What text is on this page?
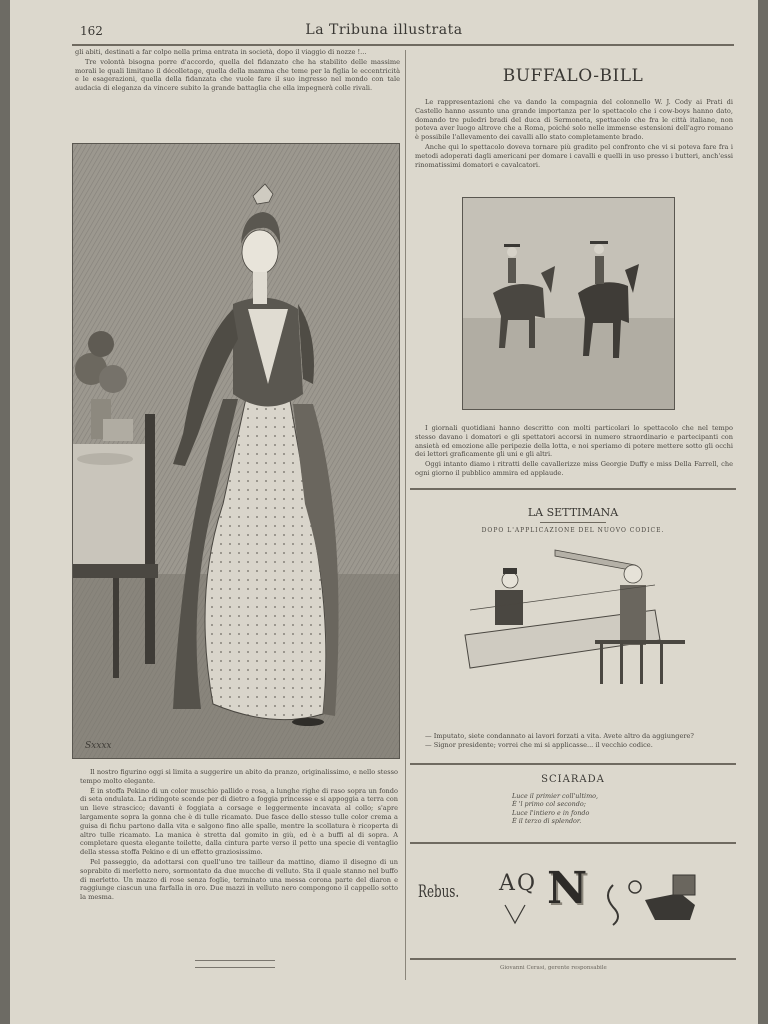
162	La Tribuna illustrata

gli abiti, destinati a far colpo nella prima entrata in società, dopo il viaggio di nozze !...

Tre volontà bisogna porre d'accordo, quella del fidanzato che ha stabilito delle massime morali le quali limitano il décolletage, quella della mamma che teme per la figlia le eccentricità e le esagerazioni, quella della fidanzata che vuole fare il suo ingresso nel mondo con tale audacia di eleganza da vincere subito la grande battaglia che ella impegnerà colle rivali.

Sxxxx

Il nostro figurino oggi si limita a suggerire un abito da pranzo, originalissimo, e nello stesso tempo molto elegante.

È in stoffa Pekino di un color muschio pallido e rosa, a lunghe righe di raso sopra un fondo di seta ondulata. La ridingote scende per di dietro a foggia princesse e si appoggia a terra con un lieve strascico; davanti è foggiata a corsage e leggermente incavata al collo; s'apre largamente sopra la gonna che è di tulle ricamato. Due fasce dello stesso tulle color crema a guisa di fichu partono dalla vita e salgono fino alle spalle, mentre la scollatura è ricoperta di altro tulle ricamato. La manica è stretta dal gomito in giù, ed è a buffi al di sopra. A completare questa elegante toilette, dalla cintura parte verso il petto una specie di ventaglio della stessa stoffa Pekino e di un effetto graziosissimo.

Pel passeggio, da adottarsi con quell'uno tre tailleur da mattino, diamo il disegno di un soprabito di merletto nero, sormontato da due mucche di velluto. Sta il quale stanno nel buffo di merletto. Un mazzo di rose senza foglie, terminato una messa corona parte del diaron e raggiunge ciascun una farfalla in oro. Due mazzi in velluto nero compongono il cappello sotto la mesma.

BUFFALO-BILL

Le rappresentazioni che va dando la compagnia del colonnello W. J. Cody ai Prati di Castello hanno assunto una grande importanza per lo spettacolo che i cow-boys hanno dato, domando tre puledri bradi del duca di Sermoneta, spettacolo che fra le città italiane, non poteva aver luogo altrove che a Roma, poiché solo nelle immense estensioni dell'agro romano è possibile l'allevamento dei cavalli allo stato completamente brado.

Anche qui lo spettacolo doveva tornare più gradito pel confronto che vi si poteva fare fra i metodi adoperati dagli americani per domare i cavalli e quelli in uso presso i butteri, anch'essi rinomatissimi domatori e cavalcatori.

I giornali quotidiani hanno descritto con molti particolari lo spettacolo che nel tempo stesso davano i domatori e gli spettatori accorsi in numero straordinario e partecipanti con ansietà ed emozione alle peripezie della lotta, e noi speriamo di potere mettere sotto gli occhi dei lettori graficamente gli uni e gli altri.

Oggi intanto diamo i ritratti delle cavallerizze miss Georgie Duffy e miss Della Farrell, che ogni giorno il pubblico ammira ed applaude.

LA SETTIMANA
DOPO L'APPLICAZIONE DEL NUOVO CODICE.
— Imputato, siete condannato ai lavori forzati a vita. Avete altro da aggiungere?
— Signor presidente; vorrei che mi si applicasse... il vecchio codice.
SCIARADA
Luce il primier coll'ultimo,
È 'l primo col secondo;
Luce l'intiero e in fondo
È il terzo di splendor.
Rebus. A Q N
Giovanni Cerasi, gerente responsabile
